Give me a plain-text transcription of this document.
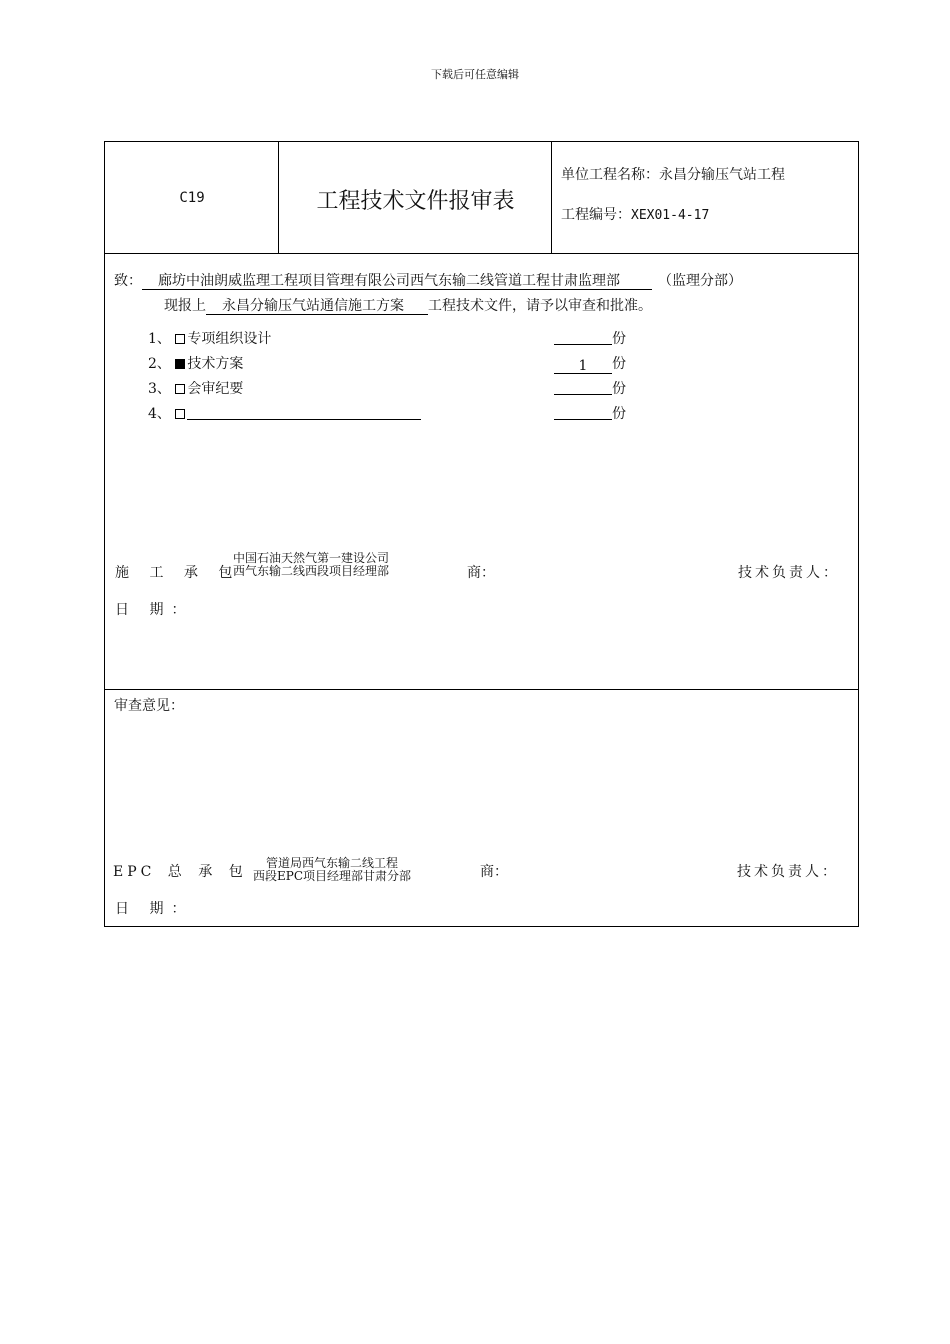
下载后可任意编辑
C19	工程技术文件报审表
单位工程名称：永昌分输压气站工程
工程编号：XEX01-4-17
致： 廊坊中油朗威监理工程项目管理有限公司西气东输二线管道工程甘肃监理部	（监理分部）
现报上 永昌分输压气站通信施工方案 工程技术文件，请予以审查和批准。
1、 专项组织设计	份
2、 技术方案	1 份
3、 会审纪要	份
4、	份
施 工 承 包
中国石油天然气第一建设公司
西气东输二线西段项目经理部	商：	技术负责人：
日 期：
审查意见：
EPC 总 承 包
管道局西气东输二线工程
西段EPC项目经理部甘肃分部	商：	技术负责人：
日 期：
